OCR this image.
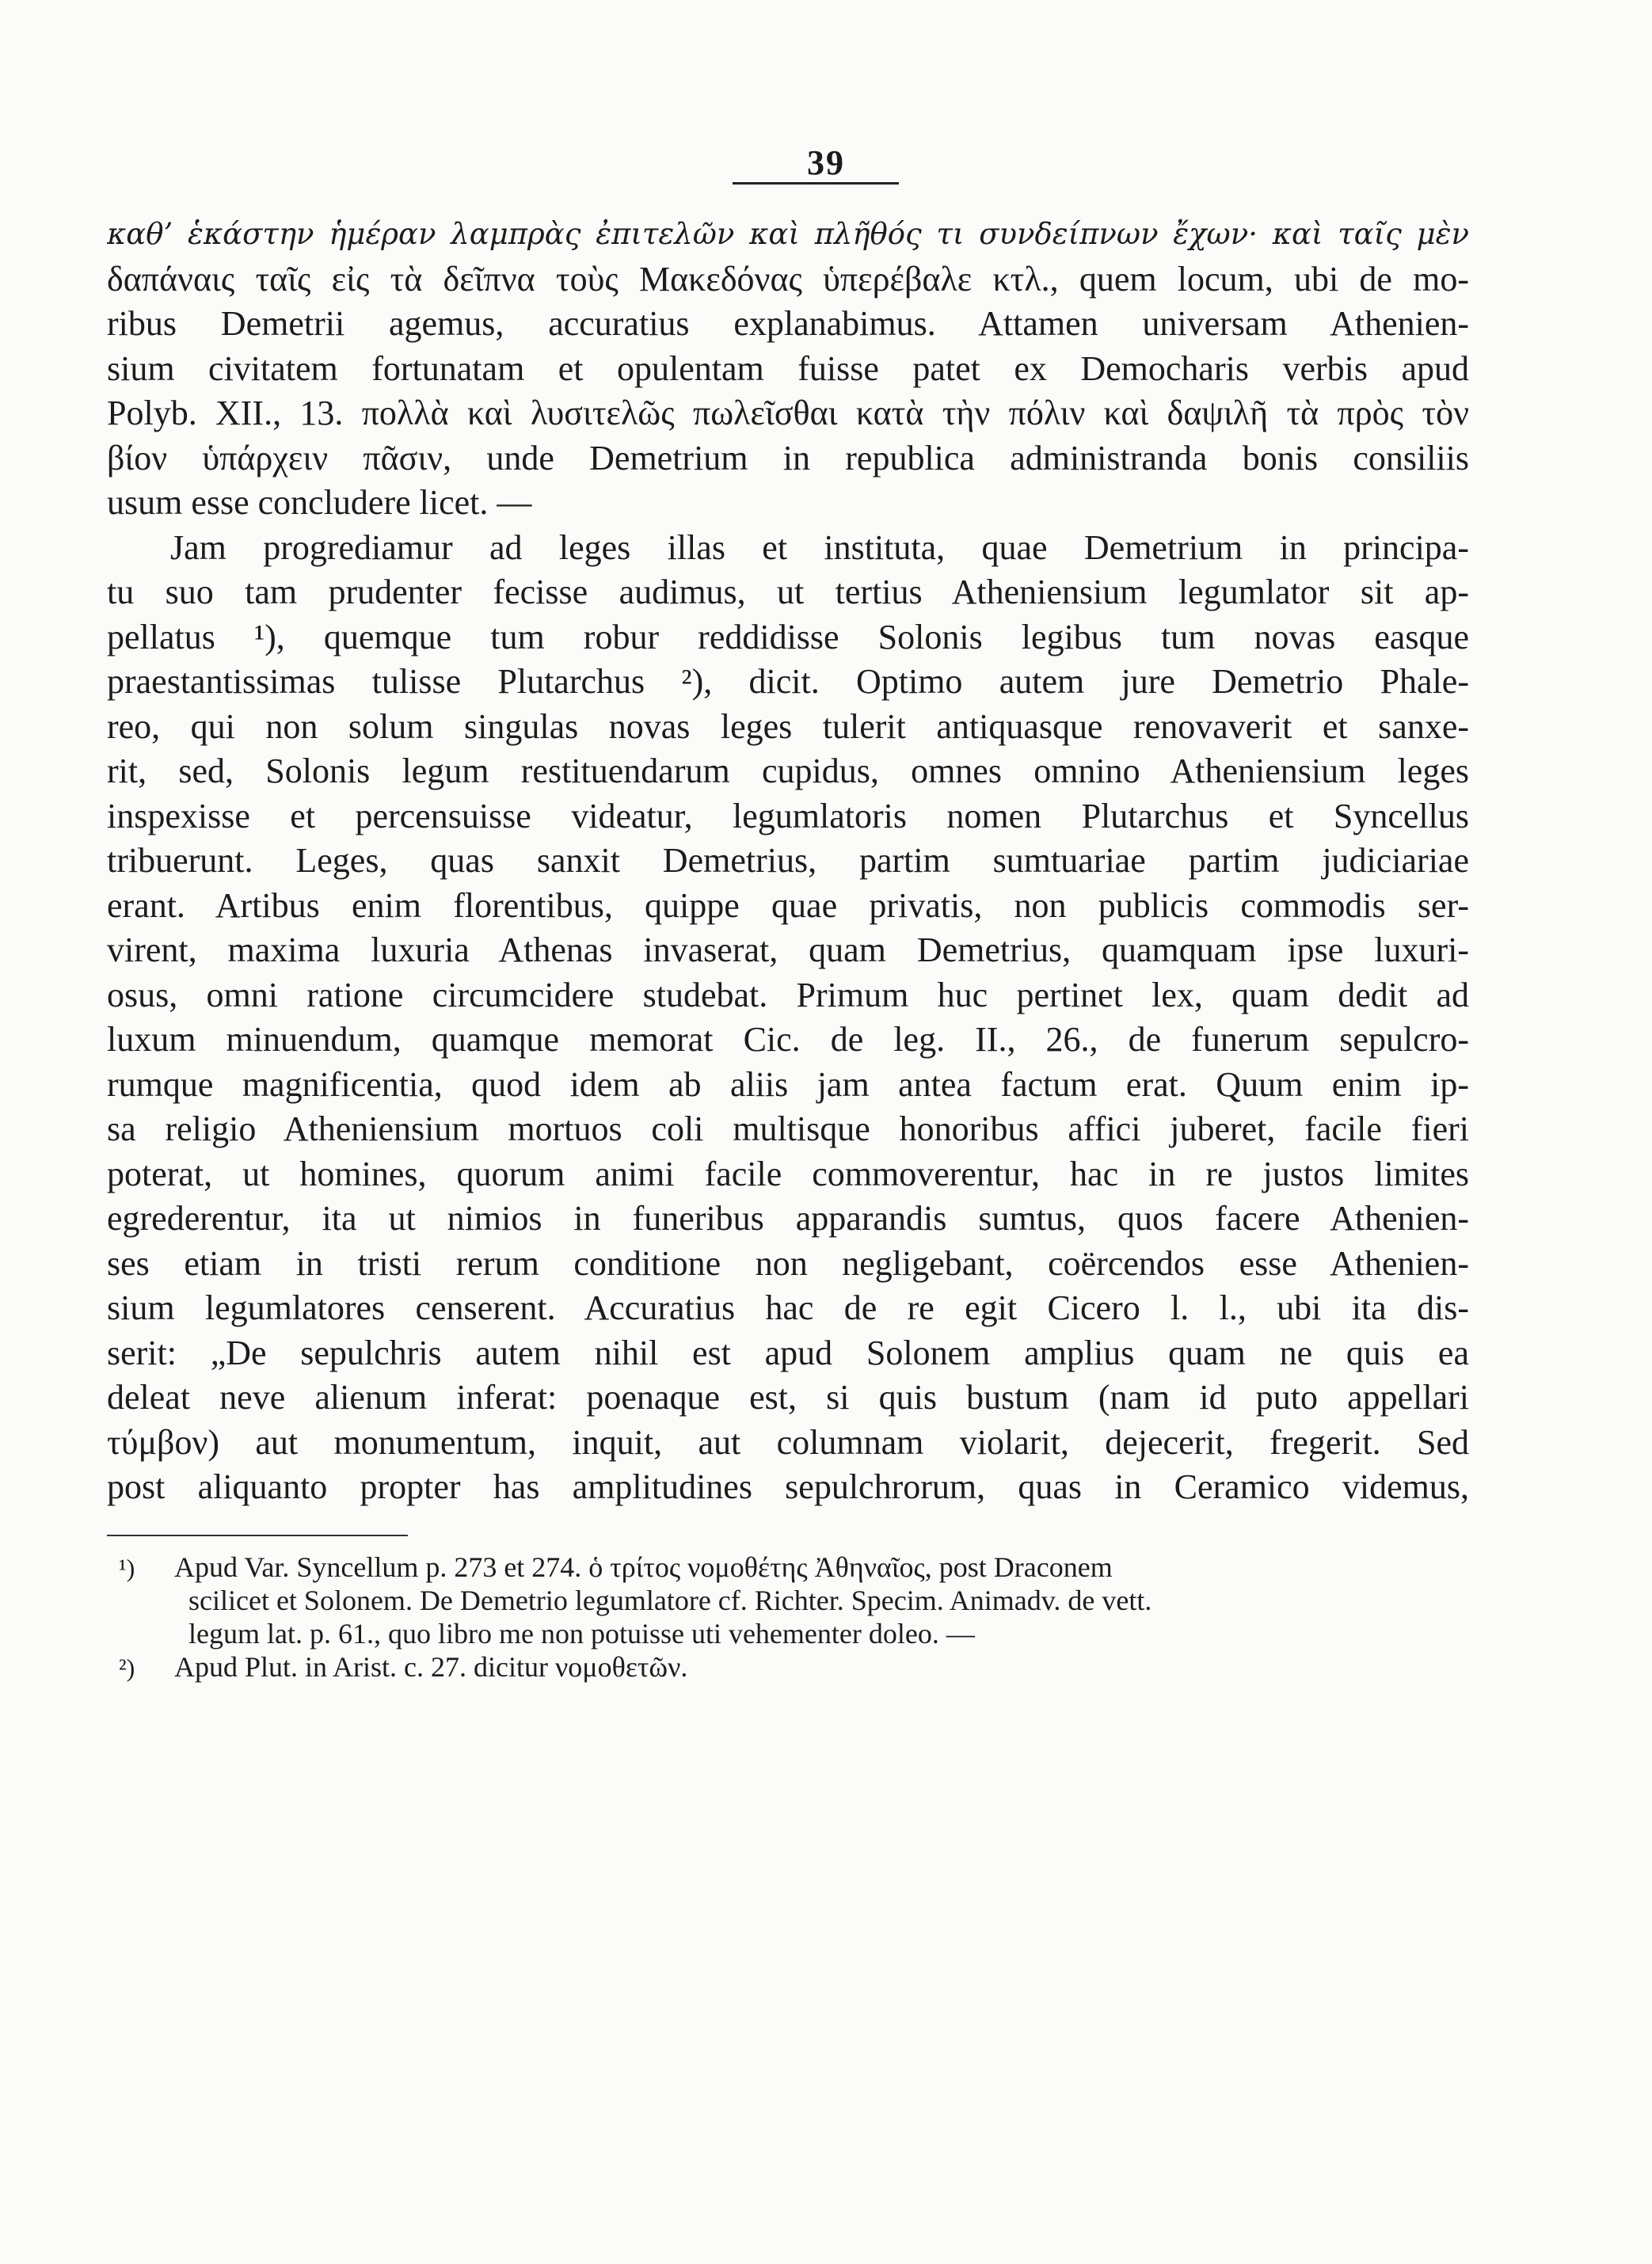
39
καθ’ ἑκάστην ἡμέραν λαμπρὰς ἐπιτελῶν καὶ πλῆθός τι συνδείπνων ἔχων· καὶ ταῖς μὲν
δαπάναις ταῖς εἰς τὰ δεῖπνα τοὺς Μακεδόνας ὑπερέβαλε κτλ., quem locum, ubi de mo-
ribus Demetrii agemus, accuratius explanabimus. Attamen universam Athenien-
sium civitatem fortunatam et opulentam fuisse patet ex Democharis verbis apud
Polyb. XII., 13. πολλὰ καὶ λυσιτελῶς πωλεῖσθαι κατὰ τὴν πόλιν καὶ δαψιλῆ τὰ πρὸς τὸν
βίον ὑπάρχειν πᾶσιν, unde Demetrium in republica administranda bonis consiliis
usum esse concludere licet. —
Jam progrediamur ad leges illas et instituta, quae Demetrium in principa-
tu suo tam prudenter fecisse audimus, ut tertius Atheniensium legumlator sit ap-
pellatus ¹), quemque tum robur reddidisse Solonis legibus tum novas easque
praestantissimas tulisse Plutarchus ²), dicit. Optimo autem jure Demetrio Phale-
reo, qui non solum singulas novas leges tulerit antiquasque renovaverit et sanxe-
rit, sed, Solonis legum restituendarum cupidus, omnes omnino Atheniensium leges
inspexisse et percensuisse videatur, legumlatoris nomen Plutarchus et Syncellus
tribuerunt. Leges, quas sanxit Demetrius, partim sumtuariae partim judiciariae
erant. Artibus enim florentibus, quippe quae privatis, non publicis commodis ser-
virent, maxima luxuria Athenas invaserat, quam Demetrius, quamquam ipse luxuri-
osus, omni ratione circumcidere studebat. Primum huc pertinet lex, quam dedit ad
luxum minuendum, quamque memorat Cic. de leg. II., 26., de funerum sepulcro-
rumque magnificentia, quod idem ab aliis jam antea factum erat. Quum enim ip-
sa religio Atheniensium mortuos coli multisque honoribus affici juberet, facile fieri
poterat, ut homines, quorum animi facile commoverentur, hac in re justos limites
egrederentur, ita ut nimios in funeribus apparandis sumtus, quos facere Athenien-
ses etiam in tristi rerum conditione non negligebant, coërcendos esse Athenien-
sium legumlatores censerent. Accuratius hac de re egit Cicero l. l., ubi ita dis-
serit: „De sepulchris autem nihil est apud Solonem amplius quam ne quis ea
deleat neve alienum inferat: poenaque est, si quis bustum (nam id puto appellari
τύμβον) aut monumentum, inquit, aut columnam violarit, dejecerit, fregerit. Sed
post aliquanto propter has amplitudines sepulchrorum, quas in Ceramico videmus,
¹) Apud Var. Syncellum p. 273 et 274. ὁ τρίτος νομοθέτης Ἀθηναῖος, post Draconem
scilicet et Solonem. De Demetrio legumlatore cf. Richter. Specim. Animadv. de vett.
legum lat. p. 61., quo libro me non potuisse uti vehementer doleo. —
²) Apud Plut. in Arist. c. 27. dicitur νομοθετῶν.
